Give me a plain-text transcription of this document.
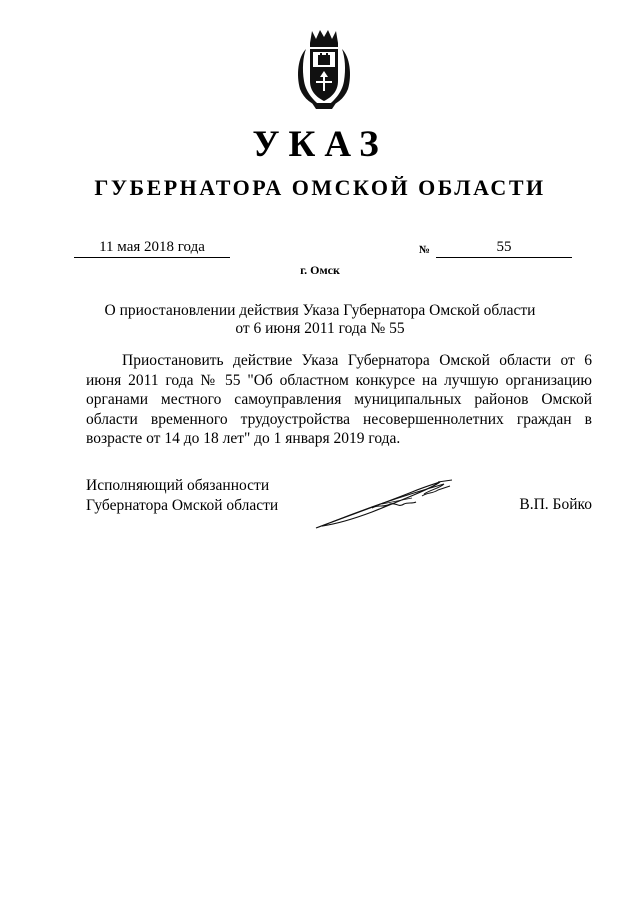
УКАЗ
ГУБЕРНАТОРА ОМСКОЙ ОБЛАСТИ
11 мая 2018 года	№	55
г. Омск
О приостановлении действия Указа Губернатора Омской области
от 6 июня 2011 года № 55
Приостановить действие Указа Губернатора Омской области от 6 июня 2011 года № 55 "Об областном конкурсе на лучшую организацию органами местного самоуправления муниципальных районов Омской области временного трудоустройства несовершеннолетних граждан в возрасте от 14 до 18 лет" до 1 января 2019 года.
Исполняющий обязанности
Губернатора Омской области	В.П. Бойко
